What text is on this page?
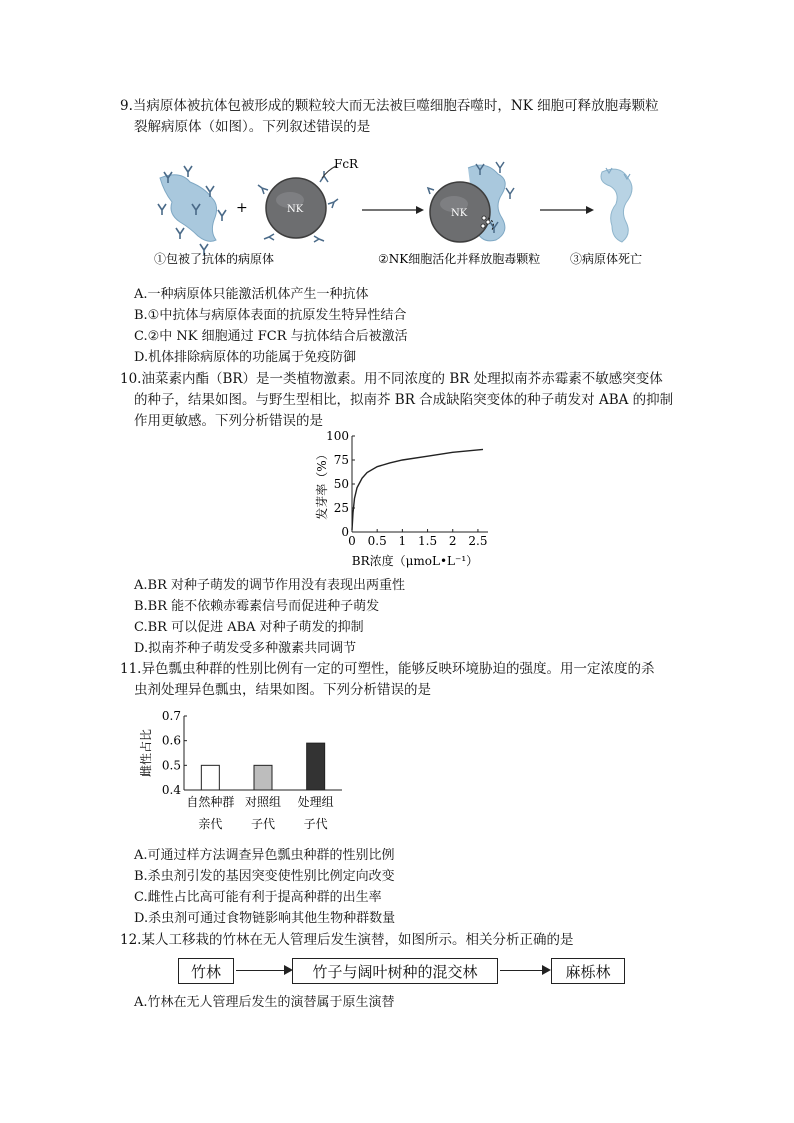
9.当病原体被抗体包被形成的颗粒较大而无法被巨噬细胞吞噬时，NK 细胞可释放胞毒颗粒
裂解病原体（如图）。下列叙述错误的是
+	NK
FcR
NK
①包被了抗体的病原体	②NK细胞活化并释放胞毒颗粒 ③病原体死亡
A.一种病原体只能激活机体产生一种抗体
B.①中抗体与病原体表面的抗原发生特异性结合
C.②中 NK 细胞通过 FCR 与抗体结合后被激活
D.机体排除病原体的功能属于免疫防御
10.油菜素内酯（BR）是一类植物激素。用不同浓度的 BR 处理拟南芥赤霉素不敏感突变体
的种子，结果如图。与野生型相比，拟南芥 BR 合成缺陷突变体的种子萌发对 ABA 的抑制
作用更敏感。下列分析错误的是
0
25
50
75
100
0 0.5 1 1.5 2 2.5
BR浓度（μmoL•L⁻¹）
发芽率（%）
A.BR 对种子萌发的调节作用没有表现出两重性
B.BR 能不依赖赤霉素信号而促进种子萌发
C.BR 可以促进 ABA 对种子萌发的抑制
D.拟南芥种子萌发受多种激素共同调节
11.异色瓢虫种群的性别比例有一定的可塑性，能够反映环境胁迫的强度。用一定浓度的杀
虫剂处理异色瓢虫，结果如图。下列分析错误的是
0.4
0.5
0.6
0.7
自然种群
亲代
对照组
子代
处理组
子代
雌性占比
A.可通过样方法调查异色瓢虫种群的性别比例
B.杀虫剂引发的基因突变使性别比例定向改变
C.雌性占比高可能有利于提高种群的出生率
D.杀虫剂可通过食物链影响其他生物种群数量
12.某人工移栽的竹林在无人管理后发生演替，如图所示。相关分析正确的是
竹林	竹子与阔叶树种的混交林	麻栎林
A.竹林在无人管理后发生的演替属于原生演替
